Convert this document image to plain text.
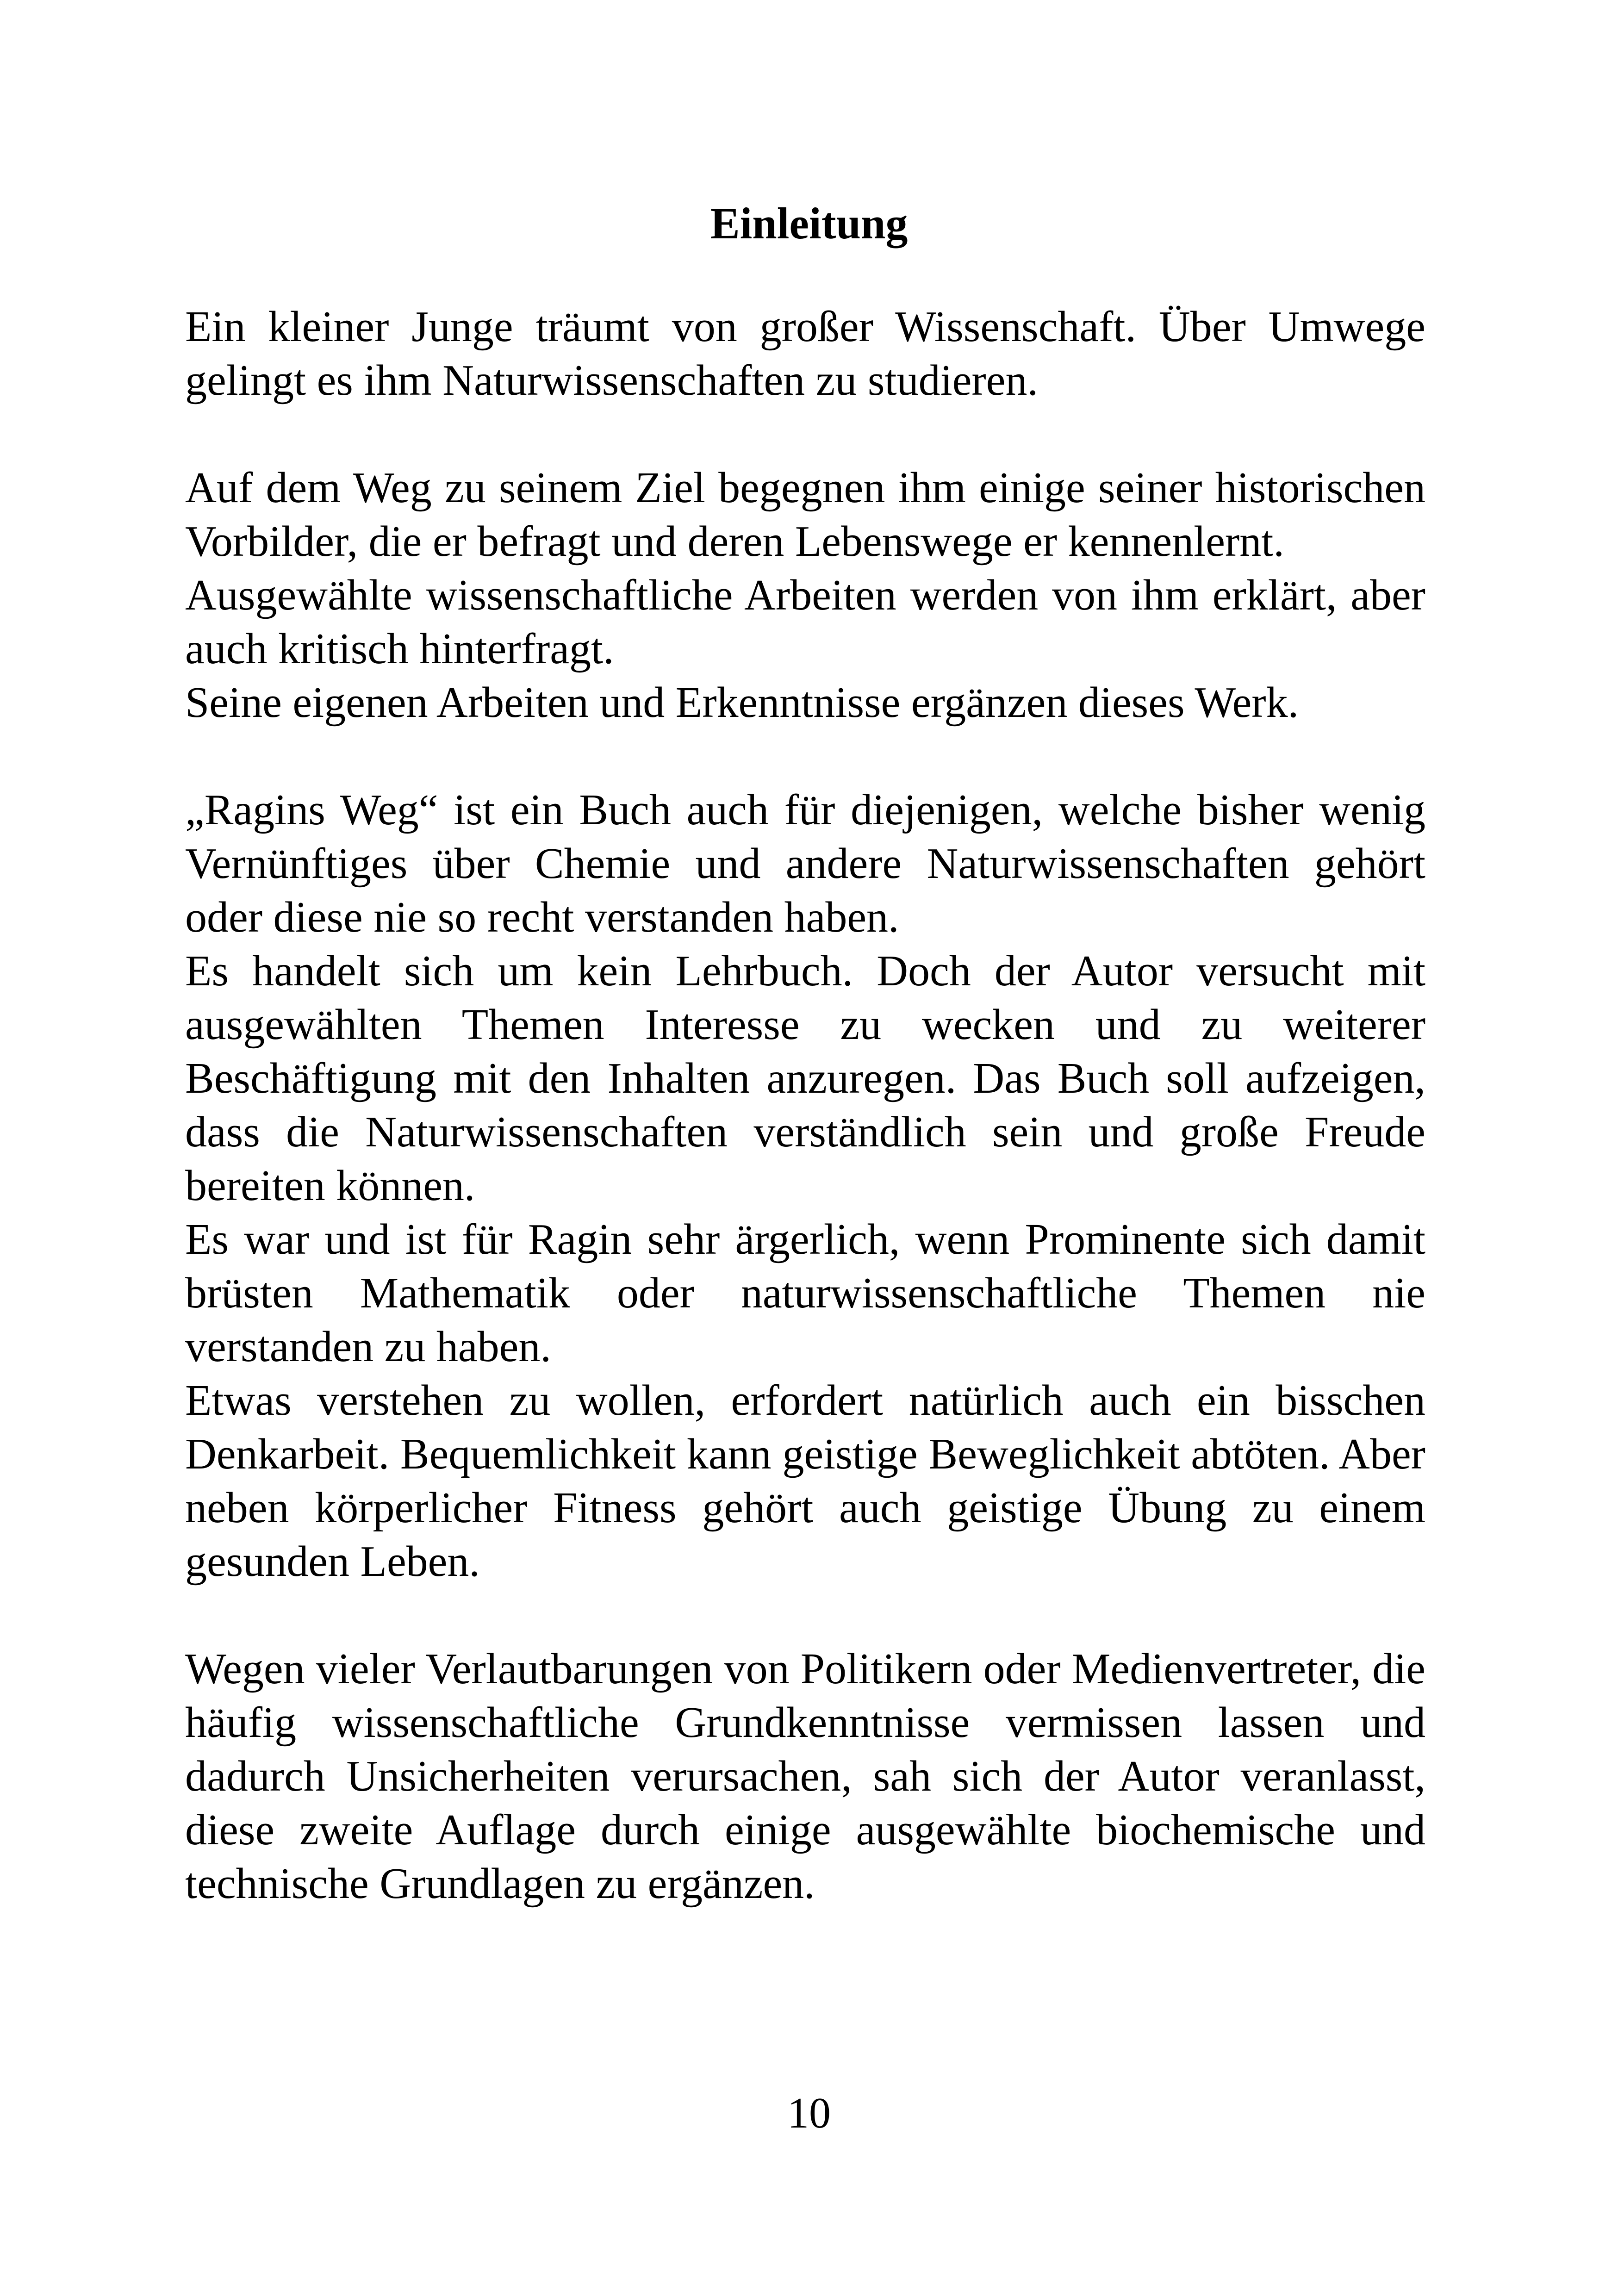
Einleitung

Ein kleiner Junge träumt von großer Wissenschaft. Über Umwege gelingt es ihm Naturwissenschaften zu studieren.

Auf dem Weg zu seinem Ziel begegnen ihm einige seiner historischen Vorbilder, die er befragt und deren Lebenswege er kennenlernt.

Ausgewählte wissenschaftliche Arbeiten werden von ihm erklärt, aber auch kritisch hinterfragt.

Seine eigenen Arbeiten und Erkenntnisse ergänzen dieses Werk.

„Ragins Weg“ ist ein Buch auch für diejenigen, welche bisher wenig Vernünftiges über Chemie und andere Naturwissenschaften gehört oder diese nie so recht verstanden haben.

Es handelt sich um kein Lehrbuch. Doch der Autor versucht mit ausgewählten Themen Interesse zu wecken und zu weiterer Beschäftigung mit den Inhalten anzuregen. Das Buch soll aufzeigen, dass die Naturwissenschaften verständlich sein und große Freude bereiten können.

Es war und ist für Ragin sehr ärgerlich, wenn Prominente sich damit brüsten Mathematik oder naturwissenschaftliche Themen nie verstanden zu haben.

Etwas verstehen zu wollen, erfordert natürlich auch ein bisschen Denkarbeit. Bequemlichkeit kann geistige Beweglichkeit abtöten. Aber neben körperlicher Fitness gehört auch geistige Übung zu einem gesunden Leben.

Wegen vieler Verlautbarungen von Politikern oder Medienvertreter, die häufig wissenschaftliche Grundkenntnisse vermissen lassen und dadurch Unsicherheiten verursachen, sah sich der Autor veranlasst, diese zweite Auflage durch einige ausgewählte biochemische und technische Grundlagen zu ergänzen.

10
